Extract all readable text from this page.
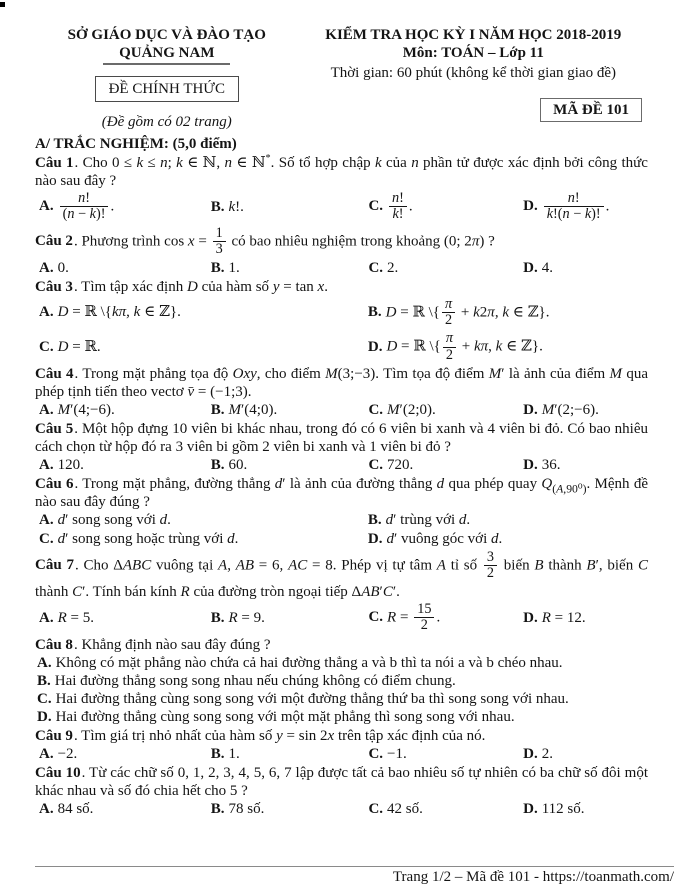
SỞ GIÁO DỤC VÀ ĐÀO TẠO
QUẢNG NAM
ĐỀ CHÍNH THỨC
(Đề gồm có 02 trang)
KIỂM TRA HỌC KỲ I NĂM HỌC 2018-2019
Môn: TOÁN – Lớp 11
Thời gian: 60 phút (không kể thời gian giao đề)
MÃ ĐỀ 101
A/ TRẮC NGHIỆM: (5,0 điểm)

Câu 1. Cho 0 ≤ k ≤ n; k ∈ ℕ, n ∈ ℕ*. Số tổ hợp chập k của n phần tử được xác định bởi công thức nào sau đây ?

A. $\frac{n!}{(n - k)!}$ .	B. k!.	C. $\frac{n!}{k!}$ .	D. $\frac{n!}{k!(n - k)!}$ .

Câu 2. Phương trình $\cos x = \frac{1}{3}$ có bao nhiêu nghiệm trong khoảng (0; 2π) ?

A. 0.	B. 1.	C. 2.	D. 4.

Câu 3. Tìm tập xác định D của hàm số y = tan x.

A. D = ℝ \{kπ, k ∈ ℤ}.	B. D = ℝ \{ $\frac{\pi}{2} + k2\pi$, k ∈ ℤ}.
C. D = ℝ.	D. D = ℝ \{ $\frac{\pi}{2} + k\pi$, k ∈ ℤ}.

Câu 4. Trong mặt phẳng tọa độ Oxy, cho điểm M(3;−3). Tìm tọa độ điểm M′ là ảnh của điểm M qua phép tịnh tiến theo vectơ v̄ = (−1;3).

A. M′(4;−6).	B. M′(4;0).	C. M′(2;0).	D. M′(2;−6).

Câu 5. Một hộp đựng 10 viên bi khác nhau, trong đó có 6 viên bi xanh và 4 viên bi đỏ. Có bao nhiêu cách chọn từ hộp đó ra 3 viên bi gồm 2 viên bi xanh và 1 viên bi đỏ ?

A. 120.	B. 60.	C. 720.	D. 36.

Câu 6. Trong mặt phẳng, đường thẳng d′ là ảnh của đường thẳng d qua phép quay $Q_{(A,90^0)}$. Mệnh đề nào sau đây đúng ?

A. d′ song song với d.	B. d′ trùng với d.
C. d′ song song hoặc trùng với d.	D. d′ vuông góc với d.

Câu 7. Cho ΔABC vuông tại A, AB = 6, AC = 8. Phép vị tự tâm A tỉ số $\frac{3}{2}$ biến B thành B′, biến C thành C′. Tính bán kính R của đường tròn ngoại tiếp ΔAB′C′.

A. R = 5.	B. R = 9.	C. $R = \frac{15}{2}$ .	D. R = 12.

Câu 8. Khẳng định nào sau đây đúng ?

A. Không có mặt phẳng nào chứa cả hai đường thẳng a và b thì ta nói a và b chéo nhau.
B. Hai đường thẳng song song nhau nếu chúng không có điểm chung.
C. Hai đường thẳng cùng song song với một đường thẳng thứ ba thì song song với nhau.
D. Hai đường thẳng cùng song song với một mặt phẳng thì song song với nhau.

Câu 9. Tìm giá trị nhỏ nhất của hàm số y = sin 2x trên tập xác định của nó.

A. −2.	B. 1.	C. −1.	D. 2.

Câu 10. Từ các chữ số 0, 1, 2, 3, 4, 5, 6, 7 lập được tất cả bao nhiêu số tự nhiên có ba chữ số đôi một khác nhau và số đó chia hết cho 5 ?

A. 84 số.	B. 78 số.	C. 42 số.	D. 112 số.
Trang 1/2 – Mã đề 101 - https://toanmath.com/
